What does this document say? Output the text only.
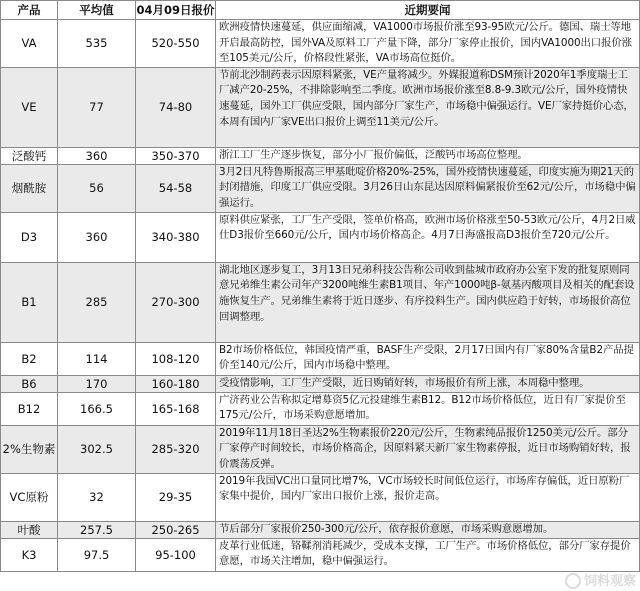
产品	平均值	04月09日报价	近期要闻
VA	535	520-550	欧洲疫情快速蔓延，供应面缩减，VA1000市场报价涨至93-95欧元/公斤。德国、瑞士等地开启最高防控，国外VA及原料工厂产量下降，部分厂家停止报价，国内VA1000出口报价涨至105美元/公斤，价格段性紧张，VA市场高位挺价。
VE	77	74-80	节前北沙制药表示因原料紧张，VE产量将减少。外媒报道称DSM预计2020年1季度瑞士工厂减产20-25%，不排除影响至二季度。欧洲市场报价涨至8.8-9.3欧元/公斤，国外疫情快速蔓延，国外工厂供应受限，国内部分厂家生产，市场稳中偏强运行。VE厂家持挺价心态，本周有国内厂家VE出口报价上调至11美元/公斤。
泛酸钙	360	350-370	浙江工厂生产逐步恢复，部分小厂报价偏低，泛酸钙市场高位整理。
烟酰胺	56	54-58	3月2日凡特鲁斯报高三甲基吡啶价格20%-25%，国外疫情快速蔓延，印度实施为期21天的封闭措施，印度工厂供应受限。3月26日山东昆达因原料偏紧报价至62元/公斤，市场稳中偏强运行。
D3	360	340-380	原料供应紧张，工厂生产受限，签单价格高，欧洲市场价格涨至50-53欧元/公斤，4月2日威仕D3报价至660元/公斤，国内市场价格高企。4月7日海盛报高D3报价至720元/公斤。
B1	285	270-300	湖北地区逐步复工，3月13日兄弟科技公告称公司收到盐城市政府办公室下发的批复原则同意兄弟维生素公司年产3200吨维生素B1项目、年产1000吨β-氨基丙酸项目及相关的配套设施恢复生产。兄弟维生素将于近日逐步、有序投料生产。国内供应趋于好转，市场报价高位回调整理。
B2	114	108-120	B2市场价格低位，韩国疫情严重，BASF生产受限，2月17日国内有厂家80%含量B2产品提价至140元/公斤，国内市场稳中整理。
B6	170	160-180	受疫情影响，工厂生产受限，近日购销好转，市场报价有所上涨，本周稳中整理。
B12	166.5	165-168	广济药业公告称拟定增募资5亿元投建维生素B12。B12市场价格低位，近日有厂家提价至175元/公斤，市场采购意愿增加。
2%生物素	302.5	285-320	2019年11月18日圣达2%生物素报价220元/公斤，生物素纯品报价1250美元/公斤。部分厂家停产时间较长，市场价格高企，因原料紧天新厂家生物素停报，近日市场购销好转，报价震荡反弹。
VC原粉	32	29-35	2019年我国VC出口量同比增7%，VC市场较长时间低位运行，市场库存偏低，近日原粉厂家集中提价，国内厂家出口报价上涨，报价走高。
叶酸	257.5	250-265	节后部分厂家报价250-300元/公斤，依存报价意愿，市场采购意愿增加。
K3	97.5	95-100	皮革行业低迷，铬鞣剂消耗减少，受成本支撑，工厂生产。市场价格低位，部分厂家存提价意愿，市场关注增加，稳中偏强运行。
饲料观察
